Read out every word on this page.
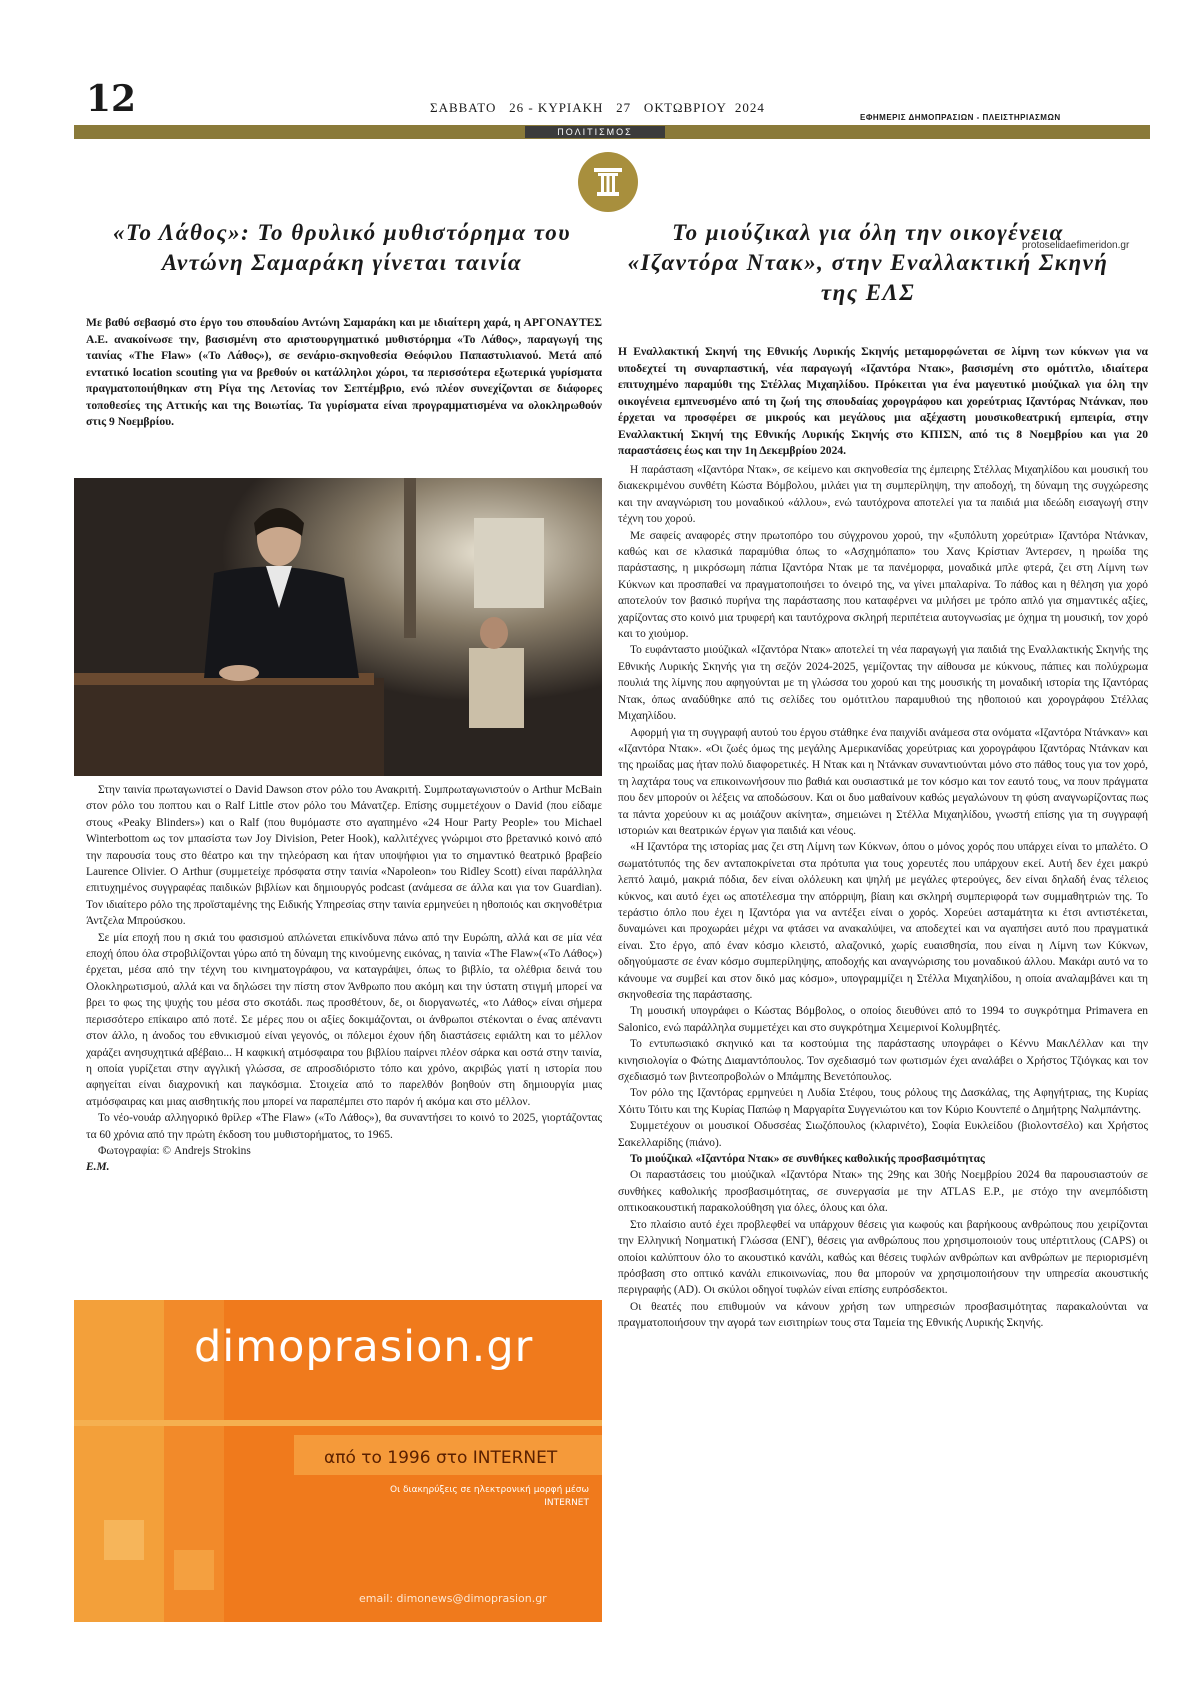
12	ΣΑΒΒΑΤΟ   26 - ΚΥΡΙΑΚΗ   27   ΟΚΤΩΒΡΙΟΥ  2024
ΕΦΗΜΕΡΙΣ ΔΗΜΟΠΡΑΣΙΩΝ - ΠΛΕΙΣΤΗΡΙΑΣΜΩΝ
ΠΟΛΙΤΙΣΜΟΣ
«Το Λάθος»: Το θρυλικό μυθιστόρημα του Αντώνη Σαμαράκη γίνεται ταινία
Το μιούζικαλ για όλη την οικογένεια «Ιζαντόρα Ντακ», στην Εναλλακτική Σκηνή της ΕΛΣ
protoselidaefimeridon.gr
Με βαθύ σεβασμό στο έργο του σπουδαίου Αντώνη Σαμαράκη και με ιδιαίτερη χαρά, η ΑΡΓΟΝΑΥΤΕΣ Α.Ε. ανακοίνωσε την, βασισμένη στο αριστουργηματικό μυθιστόρημα «Το Λάθος», παραγωγή της ταινίας «The Flaw» («Το Λάθος»), σε σενάριο-σκηνοθεσία Θεόφιλου Παπαστυλιανού. Μετά από εντατικό location scouting για να βρεθούν οι κατάλληλοι χώροι, τα περισσότερα εξωτερικά γυρίσματα πραγματοποιήθηκαν στη Ρίγα της Λετονίας τον Σεπτέμβριο, ενώ πλέον συνεχίζονται σε διάφορες τοποθεσίες της Αττικής και της Βοιωτίας. Τα γυρίσματα είναι προγραμματισμένα να ολοκληρωθούν στις 9 Νοεμβρίου.

Στην ταινία πρωταγωνιστεί ο David Dawson στον ρόλο του Ανακριτή. Συμπρωταγωνιστούν ο Arthur McBain στον ρόλο του ποπτου και ο Ralf Little στον ρόλο του Μάνατζερ. Επίσης συμμετέχουν ο David (που είδαμε στους «Peaky Blinders») και ο Ralf (που θυμόμαστε στο αγαπημένο «24 Hour Party People» του Michael Winterbottom ως τον μπασίστα των Joy Division, Peter Hook), καλλιτέχνες γνώριμοι στο βρετανικό κοινό από την παρουσία τους στο θέατρο και την τηλεόραση και ήταν υποψήφιοι για το σημαντικό θεατρικό βραβείο Laurence Olivier. Ο Arthur (συμμετείχε πρόσφατα στην ταινία «Napoleon» του Ridley Scott) είναι παράλληλα επιτυχημένος συγγραφέας παιδικών βιβλίων και δημιουργός podcast (ανάμεσα σε άλλα και για τον Guardian). Τον ιδιαίτερο ρόλο της προϊσταμένης της Ειδικής Υπηρεσίας στην ταινία ερμηνεύει η ηθοποιός και σκηνοθέτρια Άντζελα Μπρούσκου.

Σε μία εποχή που η σκιά του φασισμού απλώνεται επικίνδυνα πάνω από την Ευρώπη, αλλά και σε μία νέα εποχή όπου όλα στροβιλίζονται γύρω από τη δύναμη της κινούμενης εικόνας, η ταινία «The Flaw»(«Το Λάθος») έρχεται, μέσα από την τέχνη του κινηματογράφου, να καταγράψει, όπως το βιβλίο, τα ολέθρια δεινά του Ολοκληρωτισμού, αλλά και να δηλώσει την πίστη στον Άνθρωπο που ακόμη και την ύστατη στιγμή μπορεί να βρει το φως της ψυχής του μέσα στο σκοτάδι. πως προσθέτουν, δε, οι διοργανωτές, «το Λάθος» είναι σήμερα περισσότερο επίκαιρο από ποτέ. Σε μέρες που οι αξίες δοκιμάζονται, οι άνθρωποι στέκονται ο ένας απέναντι στον άλλο, η άνοδος του εθνικισμού είναι γεγονός, οι πόλεμοι έχουν ήδη διαστάσεις εφιάλτη και το μέλλον χαράζει ανησυχητικά αβέβαιο... Η καφκική ατμόσφαιρα του βιβλίου παίρνει πλέον σάρκα και οστά στην ταινία, η οποία γυρίζεται στην αγγλική γλώσσα, σε απροσδιόριστο τόπο και χρόνο, ακριβώς γιατί η ιστορία που αφηγείται είναι διαχρονική και παγκόσμια. Στοιχεία από το παρελθόν βοηθούν στη δημιουργία μιας ατμόσφαιρας και μιας αισθητικής που μπορεί να παραπέμπει στο παρόν ή ακόμα και στο μέλλον.

Το νέο-νουάρ αλληγορικό θρίλερ «The Flaw» («Το Λάθος»), θα συναντήσει το κοινό το 2025, γιορτάζοντας τα 60 χρόνια από την πρώτη έκδοση του μυθιστορήματος, το 1965.

Φωτογραφία: © Andrejs Strokins

Ε.Μ.
dimoprasion.gr
από το 1996 στο INTERNET
Οι διακηρύξεις σε ηλεκτρονική μορφή μέσω
INTERNET
email: dimonews@dimoprasion.gr
Η Εναλλακτική Σκηνή της Εθνικής Λυρικής Σκηνής μεταμορφώνεται σε λίμνη των κύκνων για να υποδεχτεί τη συναρπαστική, νέα παραγωγή «Ιζαντόρα Ντακ», βασισμένη στο ομότιτλο, ιδιαίτερα επιτυχημένο παραμύθι της Στέλλας Μιχαηλίδου. Πρόκειται για ένα μαγευτικό μιούζικαλ για όλη την οικογένεια εμπνευσμένο από τη ζωή της σπουδαίας χορογράφου και χορεύτριας Ιζαντόρας Ντάνκαν, που έρχεται να προσφέρει σε μικρούς και μεγάλους μια αξέχαστη μουσικοθεατρική εμπειρία, στην Εναλλακτική Σκηνή της Εθνικής Λυρικής Σκηνής στο ΚΠΙΣΝ, από τις 8 Νοεμβρίου και για 20 παραστάσεις έως και την 1η Δεκεμβρίου 2024.

Η παράσταση «Ιζαντόρα Ντακ», σε κείμενο και σκηνοθεσία της έμπειρης Στέλλας Μιχαηλίδου και μουσική του διακεκριμένου συνθέτη Κώστα Βόμβολου, μιλάει για τη συμπερίληψη, την αποδοχή, τη δύναμη της συγχώρεσης και την αναγνώριση του μοναδικού «άλλου», ενώ ταυτόχρονα αποτελεί για τα παιδιά μια ιδεώδη εισαγωγή στην τέχνη του χορού.

Με σαφείς αναφορές στην πρωτοπόρο του σύγχρονου χορού, την «ξυπόλυτη χορεύτρια» Ιζαντόρα Ντάνκαν, καθώς και σε κλασικά παραμύθια όπως το «Ασχημόπαπο» του Χανς Κρίστιαν Άντερσεν, η ηρωίδα της παράστασης, η μικρόσωμη πάπια Ιζαντόρα Ντακ με τα πανέμορφα, μοναδικά μπλε φτερά, ζει στη Λίμνη των Κύκνων και προσπαθεί να πραγματοποιήσει το όνειρό της, να γίνει μπαλαρίνα. Το πάθος και η θέληση για χορό αποτελούν τον βασικό πυρήνα της παράστασης που καταφέρνει να μιλήσει με τρόπο απλό για σημαντικές αξίες, χαρίζοντας στο κοινό μια τρυφερή και ταυτόχρονα σκληρή περιπέτεια αυτογνωσίας με όχημα τη μουσική, τον χορό και το χιούμορ.

Το ευφάνταστο μιούζικαλ «Ιζαντόρα Ντακ» αποτελεί τη νέα παραγωγή για παιδιά της Εναλλακτικής Σκηνής της Εθνικής Λυρικής Σκηνής για τη σεζόν 2024-2025, γεμίζοντας την αίθουσα με κύκνους, πάπιες και πολύχρωμα πουλιά της λίμνης που αφηγούνται με τη γλώσσα του χορού και της μουσικής τη μοναδική ιστορία της Ιζαντόρας Ντακ, όπως αναδύθηκε από τις σελίδες του ομότιτλου παραμυθιού της ηθοποιού και χορογράφου Στέλλας Μιχαηλίδου.

Αφορμή για τη συγγραφή αυτού του έργου στάθηκε ένα παιχνίδι ανάμεσα στα ονόματα «Ιζαντόρα Ντάνκαν» και «Ιζαντόρα Ντακ». «Οι ζωές όμως της μεγάλης Αμερικανίδας χορεύτριας και χορογράφου Ιζαντόρας Ντάνκαν και της ηρωίδας μας ήταν πολύ διαφορετικές. Η Ντακ και η Ντάνκαν συναντιούνται μόνο στο πάθος τους για τον χορό, τη λαχτάρα τους να επικοινωνήσουν πιο βαθιά και ουσιαστικά με τον κόσμο και τον εαυτό τους, να πουν πράγματα που δεν μπορούν οι λέξεις να αποδώσουν. Και οι δυο μαθαίνουν καθώς μεγαλώνουν τη φύση αναγνωρίζοντας πως τα πάντα χορεύουν κι ας μοιάζουν ακίνητα», σημειώνει η Στέλλα Μιχαηλίδου, γνωστή επίσης για τη συγγραφή ιστοριών και θεατρικών έργων για παιδιά και νέους.

«Η Ιζαντόρα της ιστορίας μας ζει στη Λίμνη των Κύκνων, όπου ο μόνος χορός που υπάρχει είναι το μπαλέτο. Ο σωματότυπός της δεν ανταποκρίνεται στα πρότυπα για τους χορευτές που υπάρχουν εκεί. Αυτή δεν έχει μακρύ λεπτό λαιμό, μακριά πόδια, δεν είναι ολόλευκη και ψηλή με μεγάλες φτερούγες, δεν είναι δηλαδή ένας τέλειος κύκνος, και αυτό έχει ως αποτέλεσμα την απόρριψη, βίαιη και σκληρή συμπεριφορά των συμμαθητριών της. Το τεράστιο όπλο που έχει η Ιζαντόρα για να αντέξει είναι ο χορός. Χορεύει ασταμάτητα κι έτσι αντιστέκεται, δυναμώνει και προχωράει μέχρι να φτάσει να ανακαλύψει, να αποδεχτεί και να αγαπήσει αυτό που πραγματικά είναι. Στο έργο, από έναν κόσμο κλειστό, αλαζονικό, χωρίς ευαισθησία, που είναι η Λίμνη των Κύκνων, οδηγούμαστε σε έναν κόσμο συμπερίληψης, αποδοχής και αναγνώρισης του μοναδικού άλλου. Μακάρι αυτό να το κάνουμε να συμβεί και στον δικό μας κόσμο», υπογραμμίζει η Στέλλα Μιχαηλίδου, η οποία αναλαμβάνει και τη σκηνοθεσία της παράστασης.

Τη μουσική υπογράφει ο Κώστας Βόμβολος, ο οποίος διευθύνει από το 1994 το συγκρότημα Primavera en Salonico, ενώ παράλληλα συμμετέχει και στο συγκρότημα Χειμερινοί Κολυμβητές.

Το εντυπωσιακό σκηνικό και τα κοστούμια της παράστασης υπογράφει ο Κέννυ ΜακΛέλλαν και την κινησιολογία ο Φώτης Διαμαντόπουλος. Τον σχεδιασμό των φωτισμών έχει αναλάβει ο Χρήστος Τζιόγκας και τον σχεδιασμό των βιντεοπροβολών ο Μπάμπης Βενετόπουλος.

Τον ρόλο της Ιζαντόρας ερμηνεύει η Λυδία Στέφου, τους ρόλους της Δασκάλας, της Αφηγήτριας, της Κυρίας Χόιτυ Τόιτυ και της Κυρίας Παπώφ η Μαργαρίτα Συγγενιώτου και τον Κύριο Κουντεπέ ο Δημήτρης Ναλμπάντης.

Συμμετέχουν οι μουσικοί Οδυσσέας Σιωζόπουλος (κλαρινέτο), Σοφία Ευκλείδου (βιολοντσέλο) και Χρήστος Σακελλαρίδης (πιάνο).

Το μιούζικαλ «Ιζαντόρα Ντακ» σε συνθήκες καθολικής προσβασιμότητας

Οι παραστάσεις του μιούζικαλ «Ιζαντόρα Ντακ» της 29ης και 30ής Νοεμβρίου 2024 θα παρουσιαστούν σε συνθήκες καθολικής προσβασιμότητας, σε συνεργασία με την ATLAS Ε.Ρ., με στόχο την ανεμπόδιστη οπτικοακουστική παρακολούθηση για όλες, όλους και όλα.

Στο πλαίσιο αυτό έχει προβλεφθεί να υπάρχουν θέσεις για κωφούς και βαρήκοους ανθρώπους που χειρίζονται την Ελληνική Νοηματική Γλώσσα (ΕΝΓ), θέσεις για ανθρώπους που χρησιμοποιούν τους υπέρτιτλους (CAPS) οι οποίοι καλύπτουν όλο το ακουστικό κανάλι, καθώς και θέσεις τυφλών ανθρώπων και ανθρώπων με περιορισμένη πρόσβαση στο οπτικό κανάλι επικοινωνίας, που θα μπορούν να χρησιμοποιήσουν την υπηρεσία ακουστικής περιγραφής (AD). Οι σκύλοι οδηγοί τυφλών είναι επίσης ευπρόσδεκτοι.

Οι θεατές που επιθυμούν να κάνουν χρήση των υπηρεσιών προσβασιμότητας παρακαλούνται να πραγματοποιήσουν την αγορά των εισιτηρίων τους στα Ταμεία της Εθνικής Λυρικής Σκηνής.
